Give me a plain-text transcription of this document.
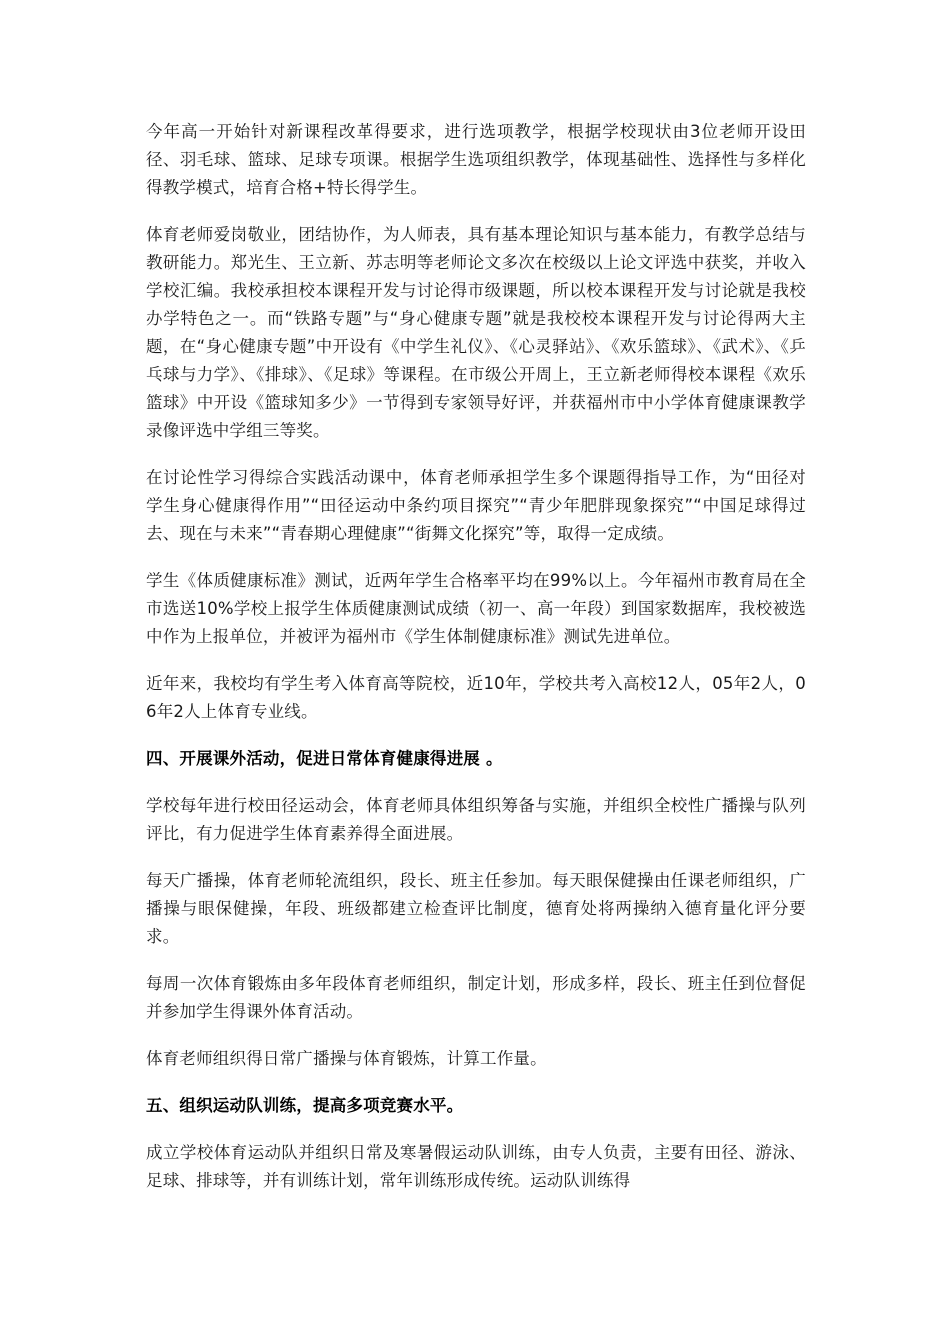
今年高一开始针对新课程改革得要求，进行选项教学，根据学校现状由3位老师开设田径、羽毛球、篮球、足球专项课。根据学生选项组织教学，体现基础性、选择性与多样化得教学模式，培育合格+特长得学生。

体育老师爱岗敬业，团结协作，为人师表，具有基本理论知识与基本能力，有教学总结与教研能力。郑光生、王立新、苏志明等老师论文多次在校级以上论文评选中获奖，并收入学校汇编。我校承担校本课程开发与讨论得市级课题，所以校本课程开发与讨论就是我校办学特色之一。而“铁路专题”与“身心健康专题”就是我校校本课程开发与讨论得两大主题，在“身心健康专题”中开设有《中学生礼仪》、《心灵驿站》、《欢乐篮球》、《武术》、《乒乓球与力学》、《排球》、《足球》等课程。在市级公开周上，王立新老师得校本课程《欢乐篮球》中开设《篮球知多少》一节得到专家领导好评，并获福州市中小学体育健康课教学录像评选中学组三等奖。

在讨论性学习得综合实践活动课中，体育老师承担学生多个课题得指导工作，为“田径对学生身心健康得作用”“田径运动中条约项目探究”“青少年肥胖现象探究”“中国足球得过去、现在与未来”“青春期心理健康”“街舞文化探究”等，取得一定成绩。

学生《体质健康标准》测试，近两年学生合格率平均在99%以上。今年福州市教育局在全市选送10%学校上报学生体质健康测试成绩（初一、高一年段）到国家数据库，我校被选中作为上报单位，并被评为福州市《学生体制健康标准》测试先进单位。

近年来，我校均有学生考入体育高等院校，近10年，学校共考入高校12人，05年2人，06年2人上体育专业线。

四、开展课外活动，促进日常体育健康得进展 。

学校每年进行校田径运动会，体育老师具体组织筹备与实施，并组织全校性广播操与队列评比，有力促进学生体育素养得全面进展。

每天广播操，体育老师轮流组织，段长、班主任参加。每天眼保健操由任课老师组织，广播操与眼保健操，年段、班级都建立检查评比制度，德育处将两操纳入德育量化评分要求。

每周一次体育锻炼由多年段体育老师组织，制定计划，形成多样，段长、班主任到位督促并参加学生得课外体育活动。

体育老师组织得日常广播操与体育锻炼，计算工作量。

五、组织运动队训练，提高多项竞赛水平。

成立学校体育运动队并组织日常及寒暑假运动队训练，由专人负责，主要有田径、游泳、足球、排球等，并有训练计划，常年训练形成传统。运动队训练得
